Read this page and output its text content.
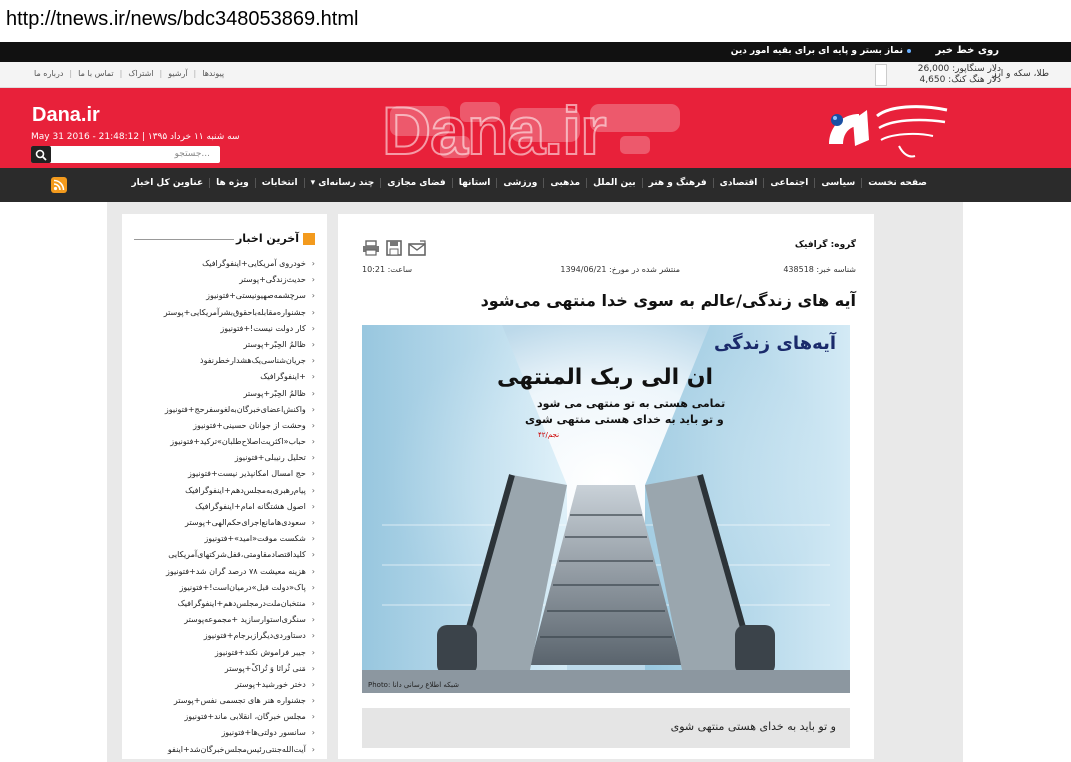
http://tnews.ir/news/bdc348053869.html
روی خط خبر
نماز بستر و پایه ای برای بقیه امور دین
درباره ما | تماس با ما | اشتراک | آرشیو | پیوندها	دلار سنگاپور: 26,000
دلار هنگ کنگ: 4,650
طلا، سکه و ارز
Dana.ir
Dana.ir
May 31 2016 - سه شنبه ۱۱ خرداد ۱۳۹۵ | 21:48:12
جستجو...
صفحه نخست
سیاسی
اجتماعی
اقتصادی
فرهنگ و هنر
بین الملل
مذهبی
ورزشی
استانها
فضای مجازی
چند رسانه‌ای ▾
انتخابات
ویژه ها
عناوین کل اخبار
آخرین اخبار
‹ خودروی آمریکایی+اینفوگرافیک
‹ حدیث‌زندگی+پوستر
‹ سرچشمه‌صهیونیستی+فتونیوز
‹ جشنواره‌مقابله‌باحقوق‌بشرآمریکایی+پوستر
‹ کار دولت نیست!+فتونیوز
‹ ظالم‌ُ الحِبْر+پوستر
‹ جریان‌شناسی‌یک‌هشدارخطرنفوذ
‹ +اینفوگرافیک
‹ ظالمُ الحِبْر+پوستر
‹ واکنش‌اعضای‌خبرگان‌به‌لغوسفرحج+فتونیوز
‹ وحشت از جوانان حسینی+فتونیوز
‹ حباب«اکثریت‌اصلاح‌طلبان»ترکید+فتونیوز
‹ تحلیل رنیبلی+فتونیوز
‹ حج امسال امکانپذیر نیست+فتونیوز
‹ پیام‌رهبری‌به‌مجلس‌دهم+اینفوگرافیک
‹ اصول هشتگانه امام+اینفوگرافیک
‹ سعودی‌ها‌مانع‌اجرای‌حکم‌الهی+پوستر
‹ شکست موقت«امید»+فتونیوز
‹ کلیداقتصادمقاومتی،قفل‌شرکتهای‌آمریکایی
‹ هزینه معیشت ۷۸ درصد گران شد+فتونیوز
‹ پاک«دولت قبل»درمیان‌است!+فتونیوز
‹ منتخبان‌ملت‌درمجلس‌دهم+اینفوگرافیک
‹ سنگری‌استوارسازید +مجموعه‌پوستر
‹ دستاوردی‌دیگرازبرجام+فتونیوز
‹ جیبر فراموش نکند+فتونیوز
‹ مَنی ثُراثا وَ تُراکْ+پوستر
‹ دختر خورشید+پوستر
‹ جشنواره هنر های تجسمی نفس+پوستر
‹ مجلس خبرگان، انقلابی ماند+فتونیوز
‹ سانسور دولتی‌ها+فتونیوز
‹ آیت‌الله‌جنتی‌رئیس‌مجلس‌خبرگان‌شد+اینفو
گروه: گرافیک
شناسه خبر: 438518
منتشر شده در مورخ: 1394/06/21
ساعت: 10:21
آیه های زندگی/عالم به سوی خدا منتهی می‌شود
آیه‌های زندگی
ان الی ربک المنتهی
تمامی هستی به تو منتهی می شود
و تو باید به خدای هستی منتهی شوی
نجم/۴۲
Photo: شبکه اطلاع رسانی دانا
و تو باید به خدای هستی منتهی شوی
